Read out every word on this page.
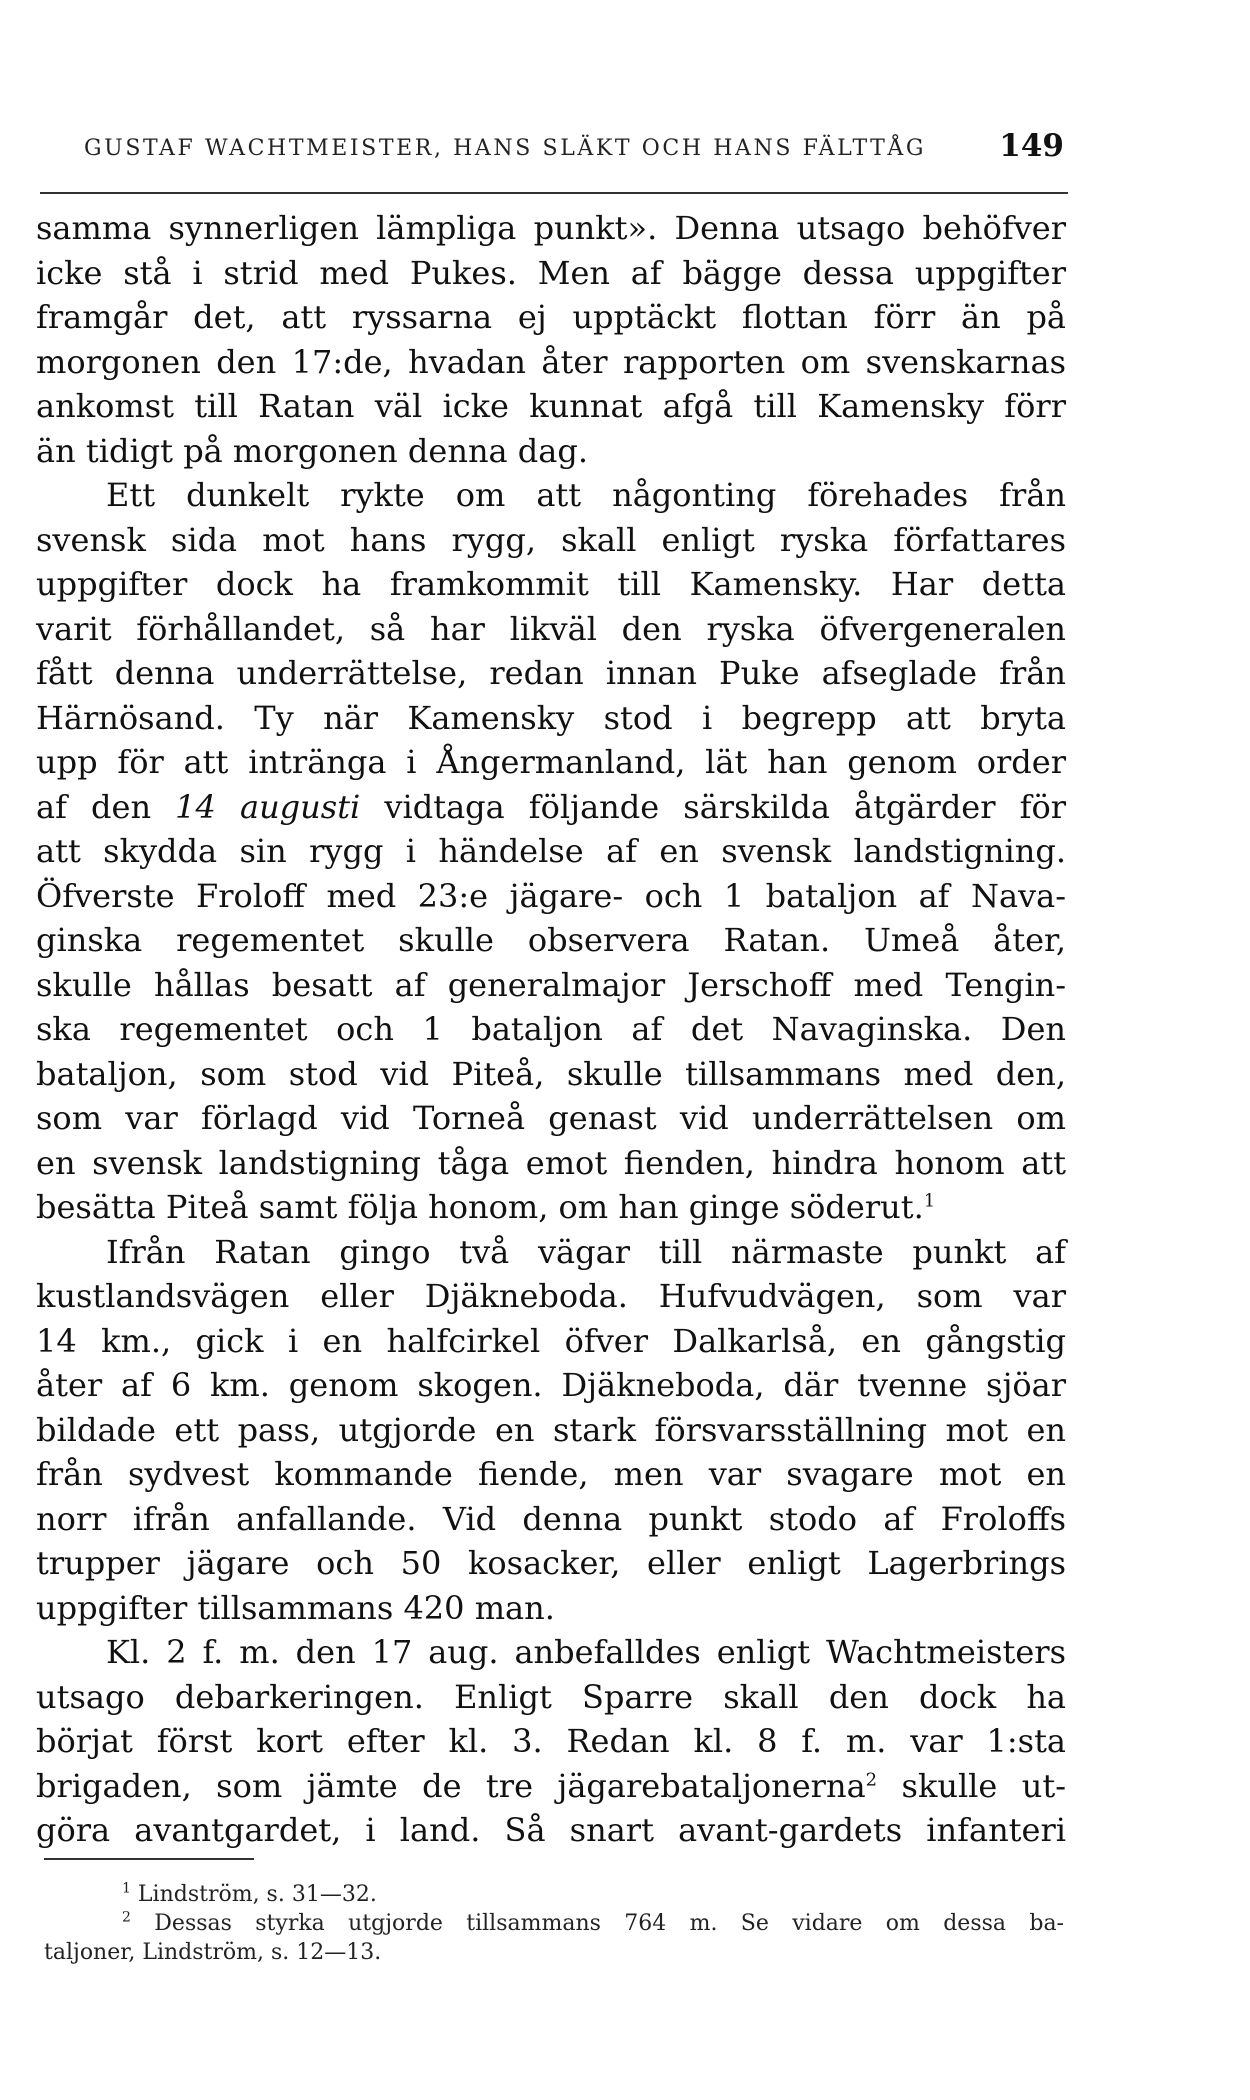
GUSTAF WACHTMEISTER, HANS SLÄKT OCH HANS FÄLTTÅG 149
samma synnerligen lämpliga punkt». Denna utsago behöfver
icke stå i strid med Pukes. Men af bägge dessa uppgifter
framgår det, att ryssarna ej upptäckt flottan förr än på
morgonen den 17:de, hvadan åter rapporten om svenskarnas
ankomst till Ratan väl icke kunnat afgå till Kamensky förr
än tidigt på morgonen denna dag.
Ett dunkelt rykte om att någonting förehades från
svensk sida mot hans rygg, skall enligt ryska författares
uppgifter dock ha framkommit till Kamensky. Har detta
varit förhållandet, så har likväl den ryska öfvergeneralen
fått denna underrättelse, redan innan Puke afseglade från
Härnösand. Ty när Kamensky stod i begrepp att bryta
upp för att intränga i Ångermanland, lät han genom order
af den 14 augusti vidtaga följande särskilda åtgärder för
att skydda sin rygg i händelse af en svensk landstigning.
Öfverste Froloff med 23:e jägare- och 1 bataljon af Nava-
ginska regementet skulle observera Ratan. Umeå åter,
skulle hållas besatt af generalmajor Jerschoff med Tengin-
ska regementet och 1 bataljon af det Navaginska. Den
bataljon, som stod vid Piteå, skulle tillsammans med den,
som var förlagd vid Torneå genast vid underrättelsen om
en svensk landstigning tåga emot fienden, hindra honom att
besätta Piteå samt följa honom, om han ginge söderut.$^1$
Ifrån Ratan gingo två vägar till närmaste punkt af
kustlandsvägen eller Djäkneboda. Hufvudvägen, som var
14 km., gick i en halfcirkel öfver Dalkarlså, en gångstig
åter af 6 km. genom skogen. Djäkneboda, där tvenne sjöar
bildade ett pass, utgjorde en stark försvarsställning mot en
från sydvest kommande fiende, men var svagare mot en
norr ifrån anfallande. Vid denna punkt stodo af Froloffs
trupper jägare och 50 kosacker, eller enligt Lagerbrings
uppgifter tillsammans 420 man.
Kl. 2 f. m. den 17 aug. anbefalldes enligt Wachtmeisters
utsago debarkeringen. Enligt Sparre skall den dock ha
börjat först kort efter kl. 3. Redan kl. 8 f. m. var 1:sta
brigaden, som jämte de tre jägarebataljonerna$^2$ skulle ut-
göra avantgardet, i land. Så snart avant-gardets infanteri
$^1$ Lindström, s. 31—32.
$^2$ Dessas styrka utgjorde tillsammans 764 m. Se vidare om dessa ba-
taljoner, Lindström, s. 12—13.
